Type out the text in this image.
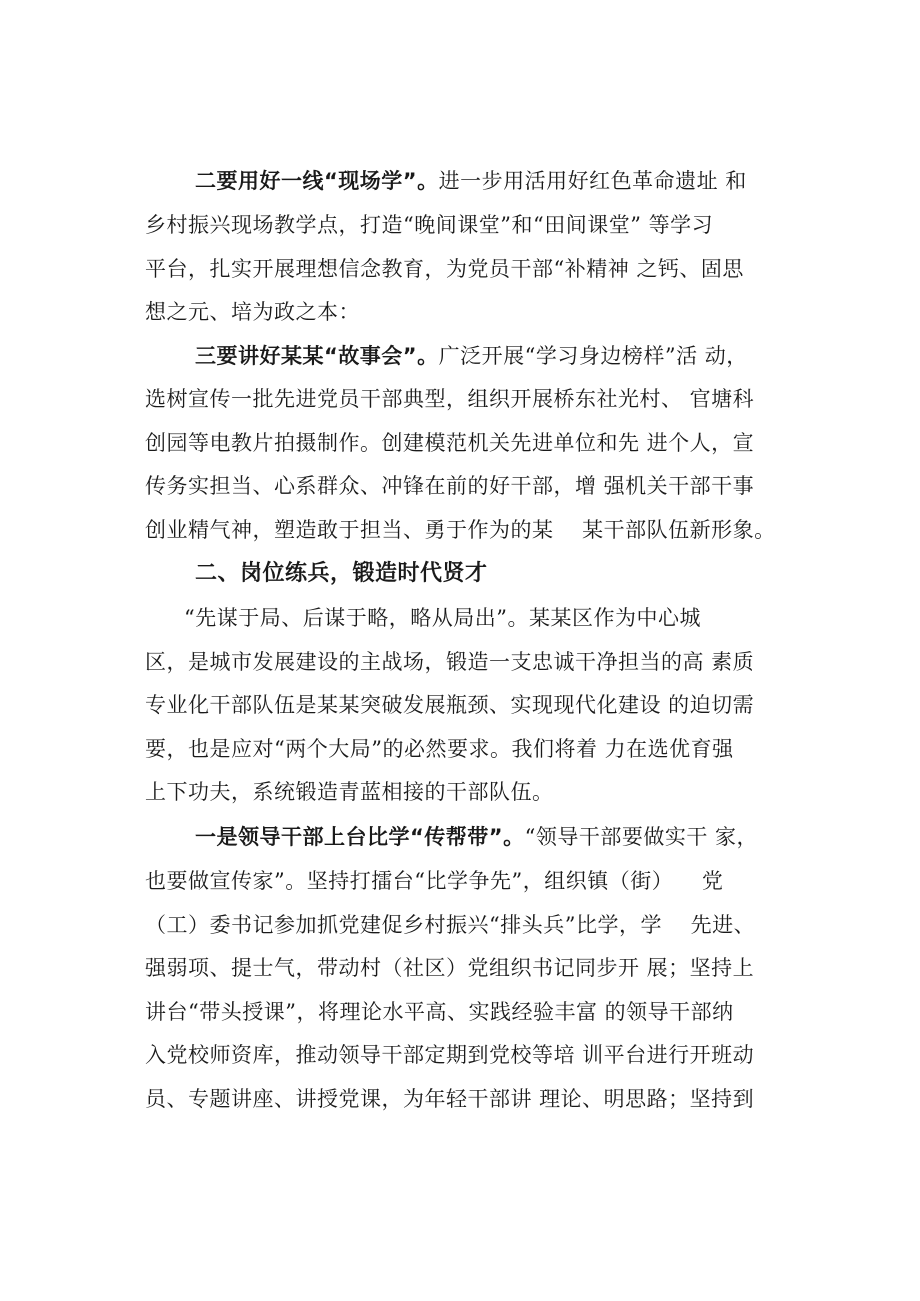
二要用好一线“现场学”。进一步用活用好红色革命遗址 和
乡村振兴现场教学点，打造“晚间课堂”和“田间课堂” 等学习
平台，扎实开展理想信念教育，为党员干部“补精神 之钙、固思
想之元、培为政之本：
三要讲好某某“故事会”。广泛开展“学习身边榜样”活 动，
选树宣传一批先进党员干部典型，组织开展桥东社光村、 官塘科
创园等电教片拍摄制作。创建模范机关先进单位和先 进个人，宣
传务实担当、心系群众、冲锋在前的好干部，增 强机关干部干事
创业精气神，塑造敢于担当、勇于作为的某 　某干部队伍新形象。
二、岗位练兵，锻造时代贤才
“先谋于局、后谋于略，略从局出”。某某区作为中心城
区，是城市发展建设的主战场，锻造一支忠诚干净担当的高 素质
专业化干部队伍是某某突破发展瓶颈、实现现代化建设 的迫切需
要，也是应对“两个大局”的必然要求。我们将着 力在选优育强
上下功夫，系统锻造青蓝相接的干部队伍。
一是领导干部上台比学“传帮带”。“领导干部要做实干 家，
也要做宣传家”。坚持打擂台“比学争先”，组织镇（街） 　党
（工）委书记参加抓党建促乡村振兴“排头兵”比学，学 　先进、
强弱项、提士气，带动村（社区）党组织书记同步开 展；坚持上
讲台“带头授课”，将理论水平高、实践经验丰富 的领导干部纳
入党校师资库，推动领导干部定期到党校等培 训平台进行开班动
员、专题讲座、讲授党课，为年轻干部讲 理论、明思路；坚持到
